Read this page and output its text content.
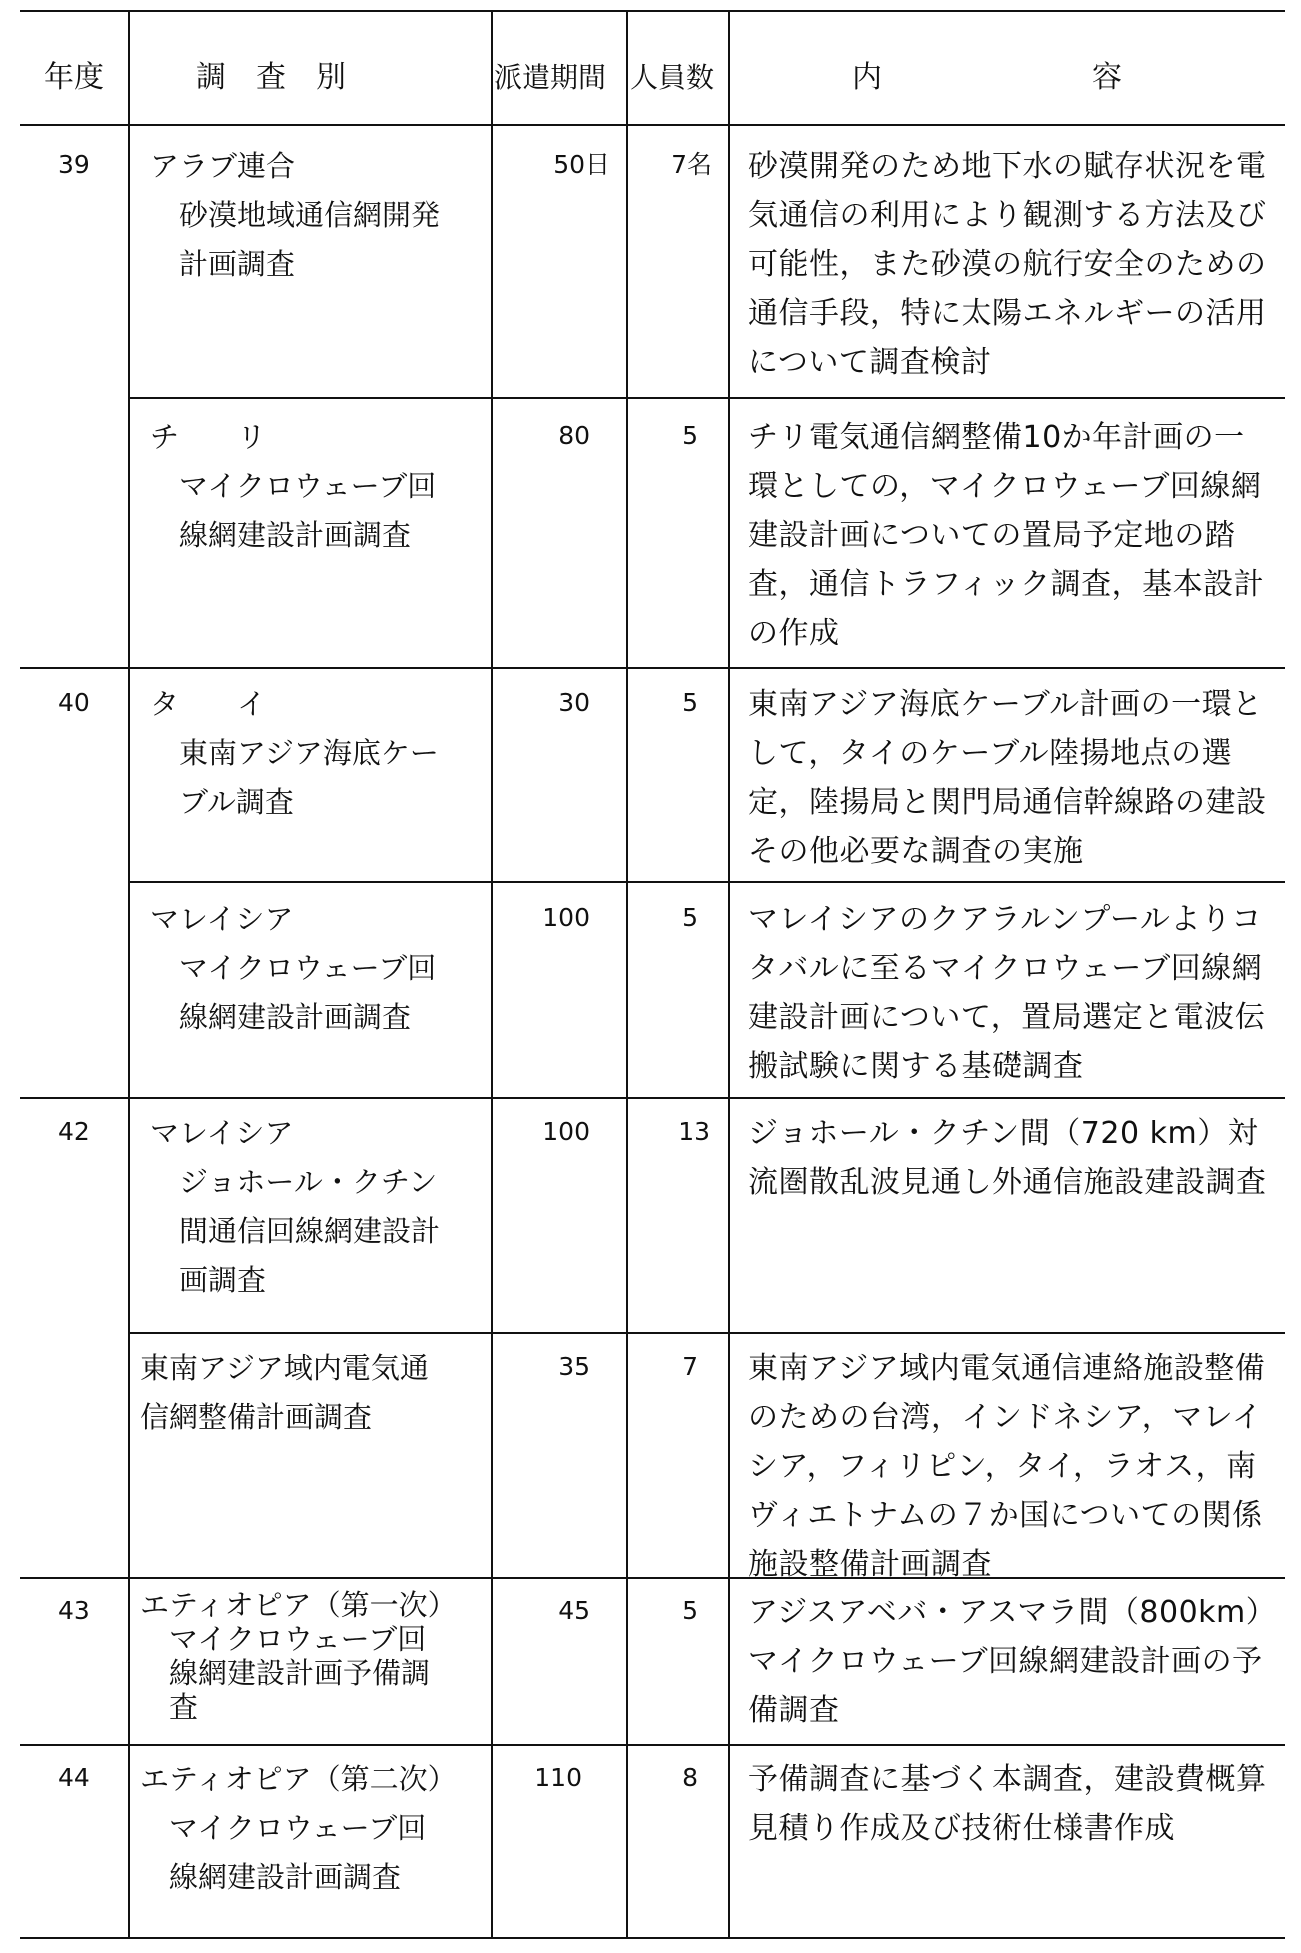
年度	調　査　別	派遣期間 人員数	内　　　　　　　容
39 アラブ連合
　砂漠地域通信網開発
　計画調査
50日	7名 砂漠開発のため地下水の賦存状況を電気通信の利用により観測する方法及び可能性，また砂漠の航行安全のための通信手段，特に太陽エネルギーの活用について調査検討
チ　　リ
　マイクロウェーブ回
　線網建設計画調査
80	5 チリ電気通信網整備10か年計画の一環としての，マイクロウェーブ回線網建設計画についての置局予定地の踏査，通信トラフィック調査，基本設計の作成
40 タ　　イ
　東南アジア海底ケー
　ブル調査
30	5 東南アジア海底ケーブル計画の一環として，タイのケーブル陸揚地点の選定，陸揚局と関門局通信幹線路の建設その他必要な調査の実施
マレイシア
　マイクロウェーブ回
　線網建設計画調査
100	5 マレイシアのクアラルンプールよりコタバルに至るマイクロウェーブ回線網建設計画について，置局選定と電波伝搬試験に関する基礎調査
42 マレイシア
　ジョホール・クチン
　間通信回線網建設計
　画調査
100	13 ジョホール・クチン間（720 km）対流圏散乱波見通し外通信施設建設調査
東南アジア域内電気通
信網整備計画調査
35	7 東南アジア域内電気通信連絡施設整備のための台湾，インドネシア，マレイシア，フィリピン，タイ，ラオス，南ヴィエトナムの７か国についての関係施設整備計画調査
43 エティオピア（第一次）
　マイクロウェーブ回
　線網建設計画予備調
　査
45	5 アジスアベバ・アスマラ間（800km）マイクロウェーブ回線網建設計画の予備調査
44 エティオピア（第二次）
　マイクロウェーブ回
　線網建設計画調査
110	8 予備調査に基づく本調査，建設費概算見積り作成及び技術仕様書作成
